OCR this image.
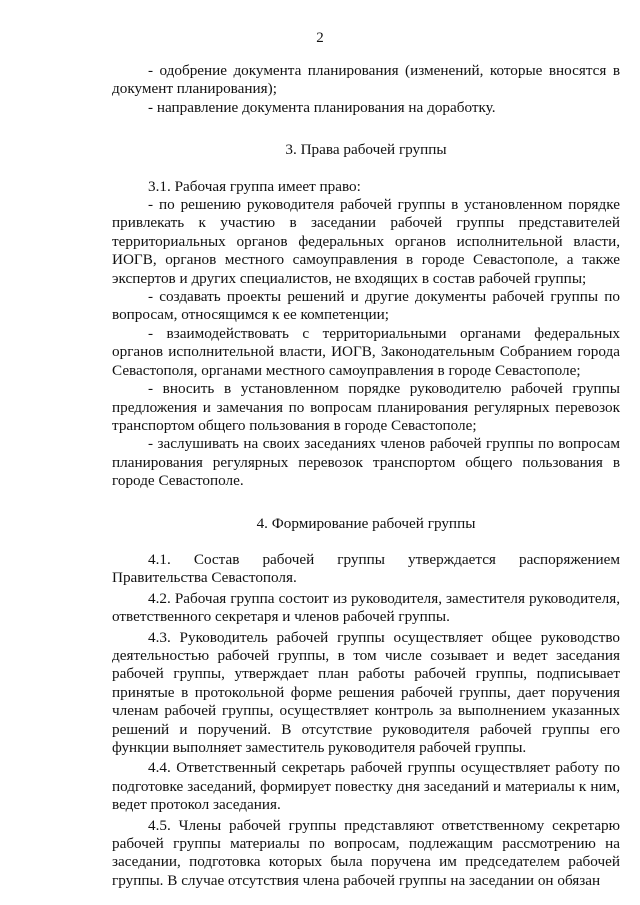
2

- одобрение документа планирования (изменений, которые вносятся в документ планирования);

- направление документа планирования на доработку.

3. Права рабочей группы

3.1. Рабочая группа имеет право:

- по решению руководителя рабочей группы в установленном порядке привлекать к участию в заседании рабочей группы представителей территориальных органов федеральных органов исполнительной власти, ИОГВ, органов местного самоуправления в городе Севастополе, а также экспертов и других специалистов, не входящих в состав рабочей группы;

- создавать проекты решений и другие документы рабочей группы по вопросам, относящимся к ее компетенции;

- взаимодействовать с территориальными органами федеральных органов исполнительной власти, ИОГВ, Законодательным Собранием города Севастополя, органами местного самоуправления в городе Севастополе;

- вносить в установленном порядке руководителю рабочей группы предложения и замечания по вопросам планирования регулярных перевозок транспортом общего пользования в городе Севастополе;

- заслушивать на своих заседаниях членов рабочей группы по вопросам планирования регулярных перевозок транспортом общего пользования в городе Севастополе.

4. Формирование рабочей группы

4.1. Состав рабочей группы утверждается распоряжением Правительства Севастополя.

4.2. Рабочая группа состоит из руководителя, заместителя руководителя, ответственного секретаря и членов рабочей группы.

4.3. Руководитель рабочей группы осуществляет общее руководство деятельностью рабочей группы, в том числе созывает и ведет заседания рабочей группы, утверждает план работы рабочей группы, подписывает принятые в протокольной форме решения рабочей группы, дает поручения членам рабочей группы, осуществляет контроль за выполнением указанных решений и поручений. В отсутствие руководителя рабочей группы его функции выполняет заместитель руководителя рабочей группы.

4.4. Ответственный секретарь рабочей группы осуществляет работу по подготовке заседаний, формирует повестку дня заседаний и материалы к ним, ведет протокол заседания.

4.5. Члены рабочей группы представляют ответственному секретарю рабочей группы материалы по вопросам, подлежащим рассмотрению на заседании, подготовка которых была поручена им председателем рабочей группы. В случае отсутствия члена рабочей группы на заседании он обязан
